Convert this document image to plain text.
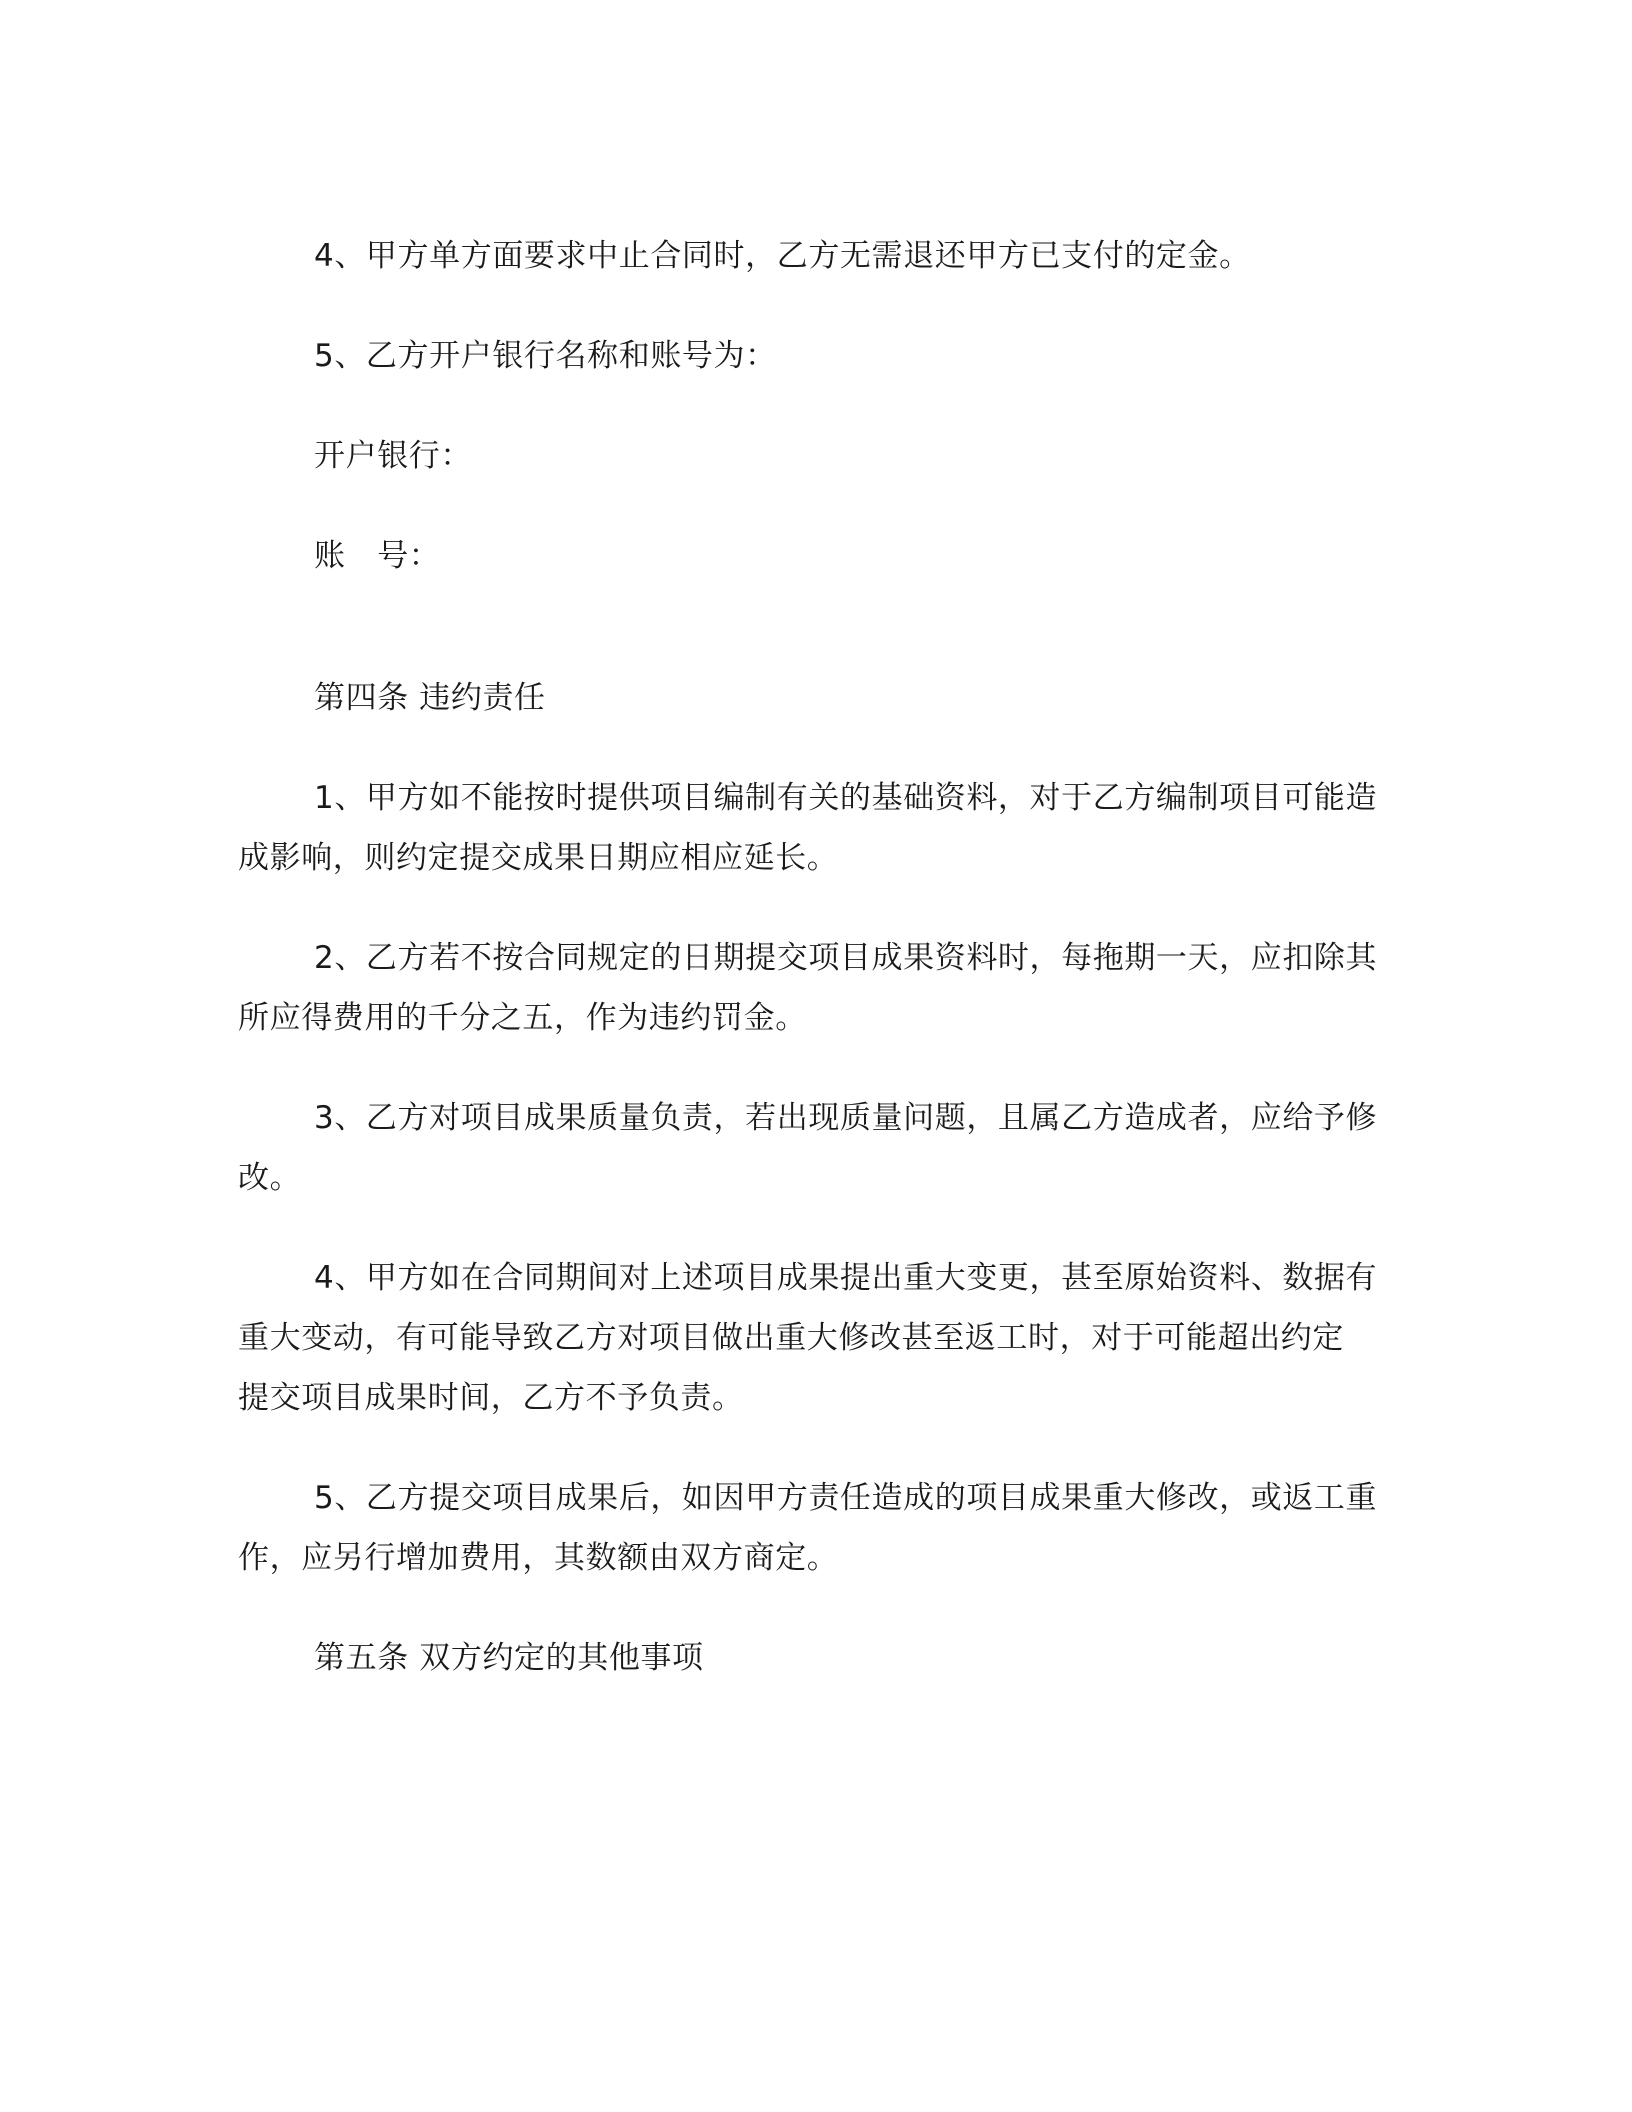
4、甲方单方面要求中止合同时，乙方无需退还甲方已支付的定金。
5、乙方开户银行名称和账号为：
开户银行：
账　号：
第四条 违约责任
1、甲方如不能按时提供项目编制有关的基础资料，对于乙方编制项目可能造
成影响，则约定提交成果日期应相应延长。
2、乙方若不按合同规定的日期提交项目成果资料时，每拖期一天，应扣除其
所应得费用的千分之五，作为违约罚金。
3、乙方对项目成果质量负责，若出现质量问题，且属乙方造成者，应给予修
改。
4、甲方如在合同期间对上述项目成果提出重大变更，甚至原始资料、数据有
重大变动，有可能导致乙方对项目做出重大修改甚至返工时，对于可能超出约定
提交项目成果时间，乙方不予负责。
5、乙方提交项目成果后，如因甲方责任造成的项目成果重大修改，或返工重
作，应另行增加费用，其数额由双方商定。
第五条 双方约定的其他事项
